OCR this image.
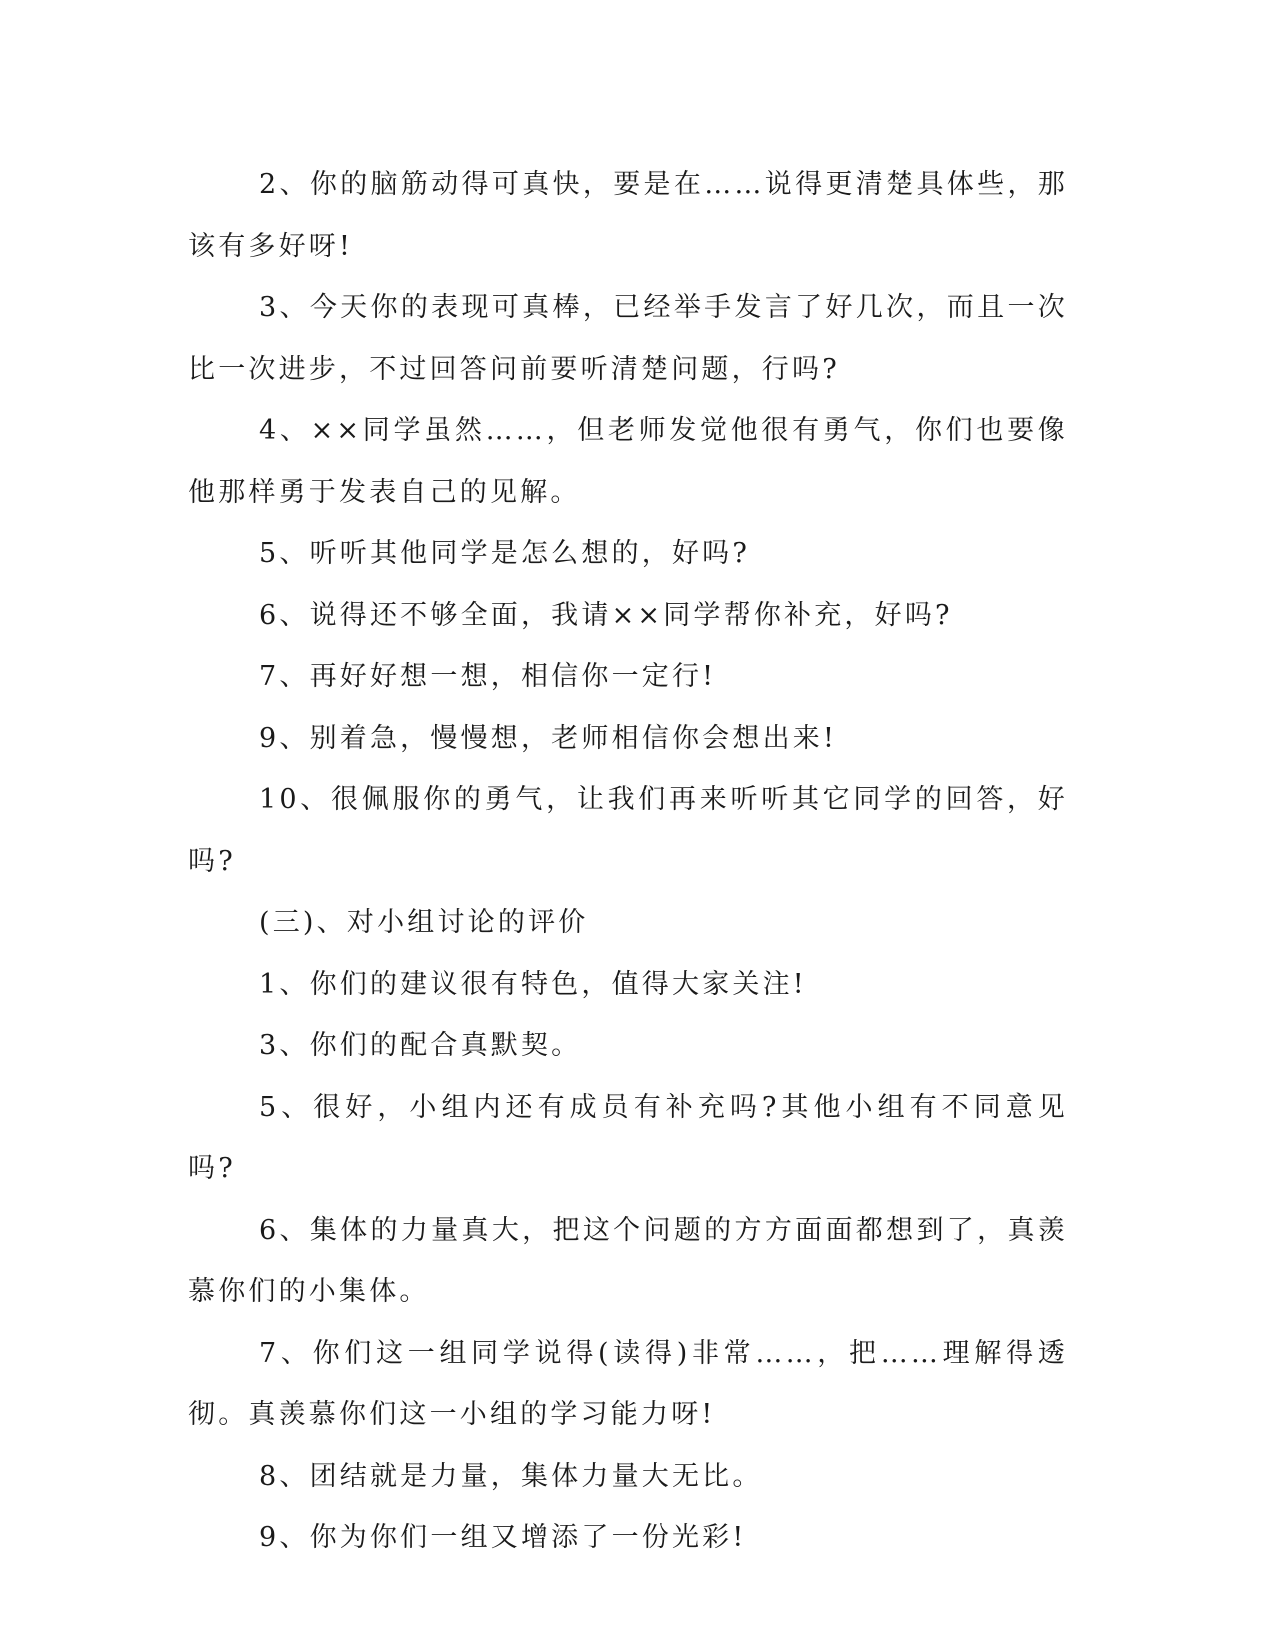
2、你的脑筋动得可真快，要是在……说得更清楚具体些，那该有多好呀!

3、今天你的表现可真棒，已经举手发言了好几次，而且一次比一次进步，不过回答问前要听清楚问题，行吗?

4、××同学虽然……，但老师发觉他很有勇气，你们也要像他那样勇于发表自己的见解。

5、听听其他同学是怎么想的，好吗?

6、说得还不够全面，我请××同学帮你补充，好吗?

7、再好好想一想，相信你一定行!

9、别着急，慢慢想，老师相信你会想出来!

10、很佩服你的勇气，让我们再来听听其它同学的回答，好吗?

(三)、对小组讨论的评价

1、你们的建议很有特色，值得大家关注!

3、你们的配合真默契。

5、很好，小组内还有成员有补充吗?其他小组有不同意见吗?

6、集体的力量真大，把这个问题的方方面面都想到了，真羡慕你们的小集体。

7、你们这一组同学说得(读得)非常……，把……理解得透彻。真羡慕你们这一小组的学习能力呀!

8、团结就是力量，集体力量大无比。

9、你为你们一组又增添了一份光彩!
